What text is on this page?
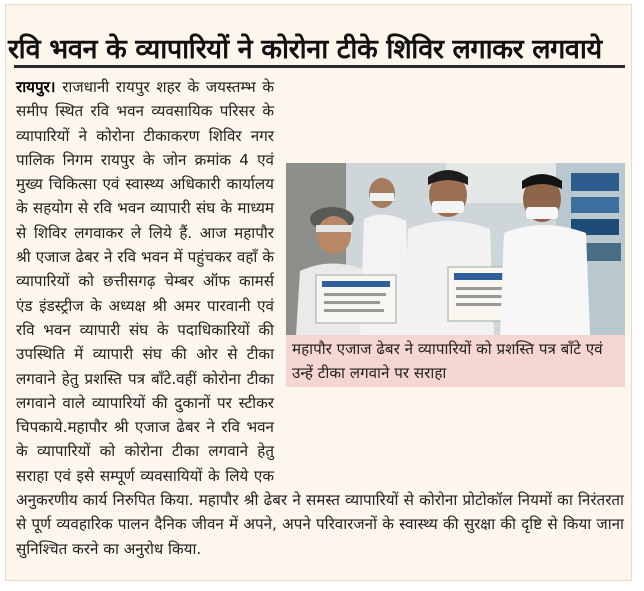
रवि भवन के व्यापारियों ने कोरोना टीके शिविर लगाकर लगवाये
रायपुर। राजधानी रायपुर शहर के जयस्तम्भ के समीप स्थित रवि भवन व्यवसायिक परिसर के व्यापारियों ने कोरोना टीकाकरण शिविर नगर पालिक निगम रायपुर के जोन क्रमांक 4 एवं मुख्य चिकित्सा एवं स्वास्थ्य अधिकारी कार्यालय के सहयोग से रवि भवन व्यापारी संघ के माध्यम से शिविर लगवाकर ले लिये हैं. आज महापौर श्री एजाज ढेबर ने रवि भवन में पहुंचकर वहाँ के व्यापारियों को छत्तीसगढ़ चेम्बर ऑफ कामर्स एंड इंडस्ट्रीज के अध्यक्ष श्री अमर पारवानी एवं रवि भवन व्यापारी संघ के पदाधिकारियों की उपस्थिति में व्यापारी संघ की ओर से टीका लगवाने हेतु प्रशस्ति पत्र बाँटे.वहीं कोरोना टीका लगवाने वाले व्यापारियों की दुकानों पर स्टीकर चिपकाये.महापौर श्री एजाज ढेबर ने रवि भवन के व्यापारियों को कोरोना टीका लगवाने हेतु सराहा एवं इसे सम्पूर्ण व्यवसायियों के लिये एक अनुकरणीय कार्य निरुपित किया. महापौर श्री ढेबर ने समस्त व्यापारियों से कोरोना प्रोटोकॉल नियमों का निरंतरता से पूर्ण व्यवहारिक पालन दैनिक जीवन में अपने, अपने परिवारजनों के स्वास्थ्य की सुरक्षा की दृष्टि से किया जाना सुनिश्चित करने का अनुरोध किया.
महापौर एजाज ढेबर ने व्यापारियों को प्रशस्ति पत्र बाँटे एवं उन्हें टीका लगवाने पर सराहा
